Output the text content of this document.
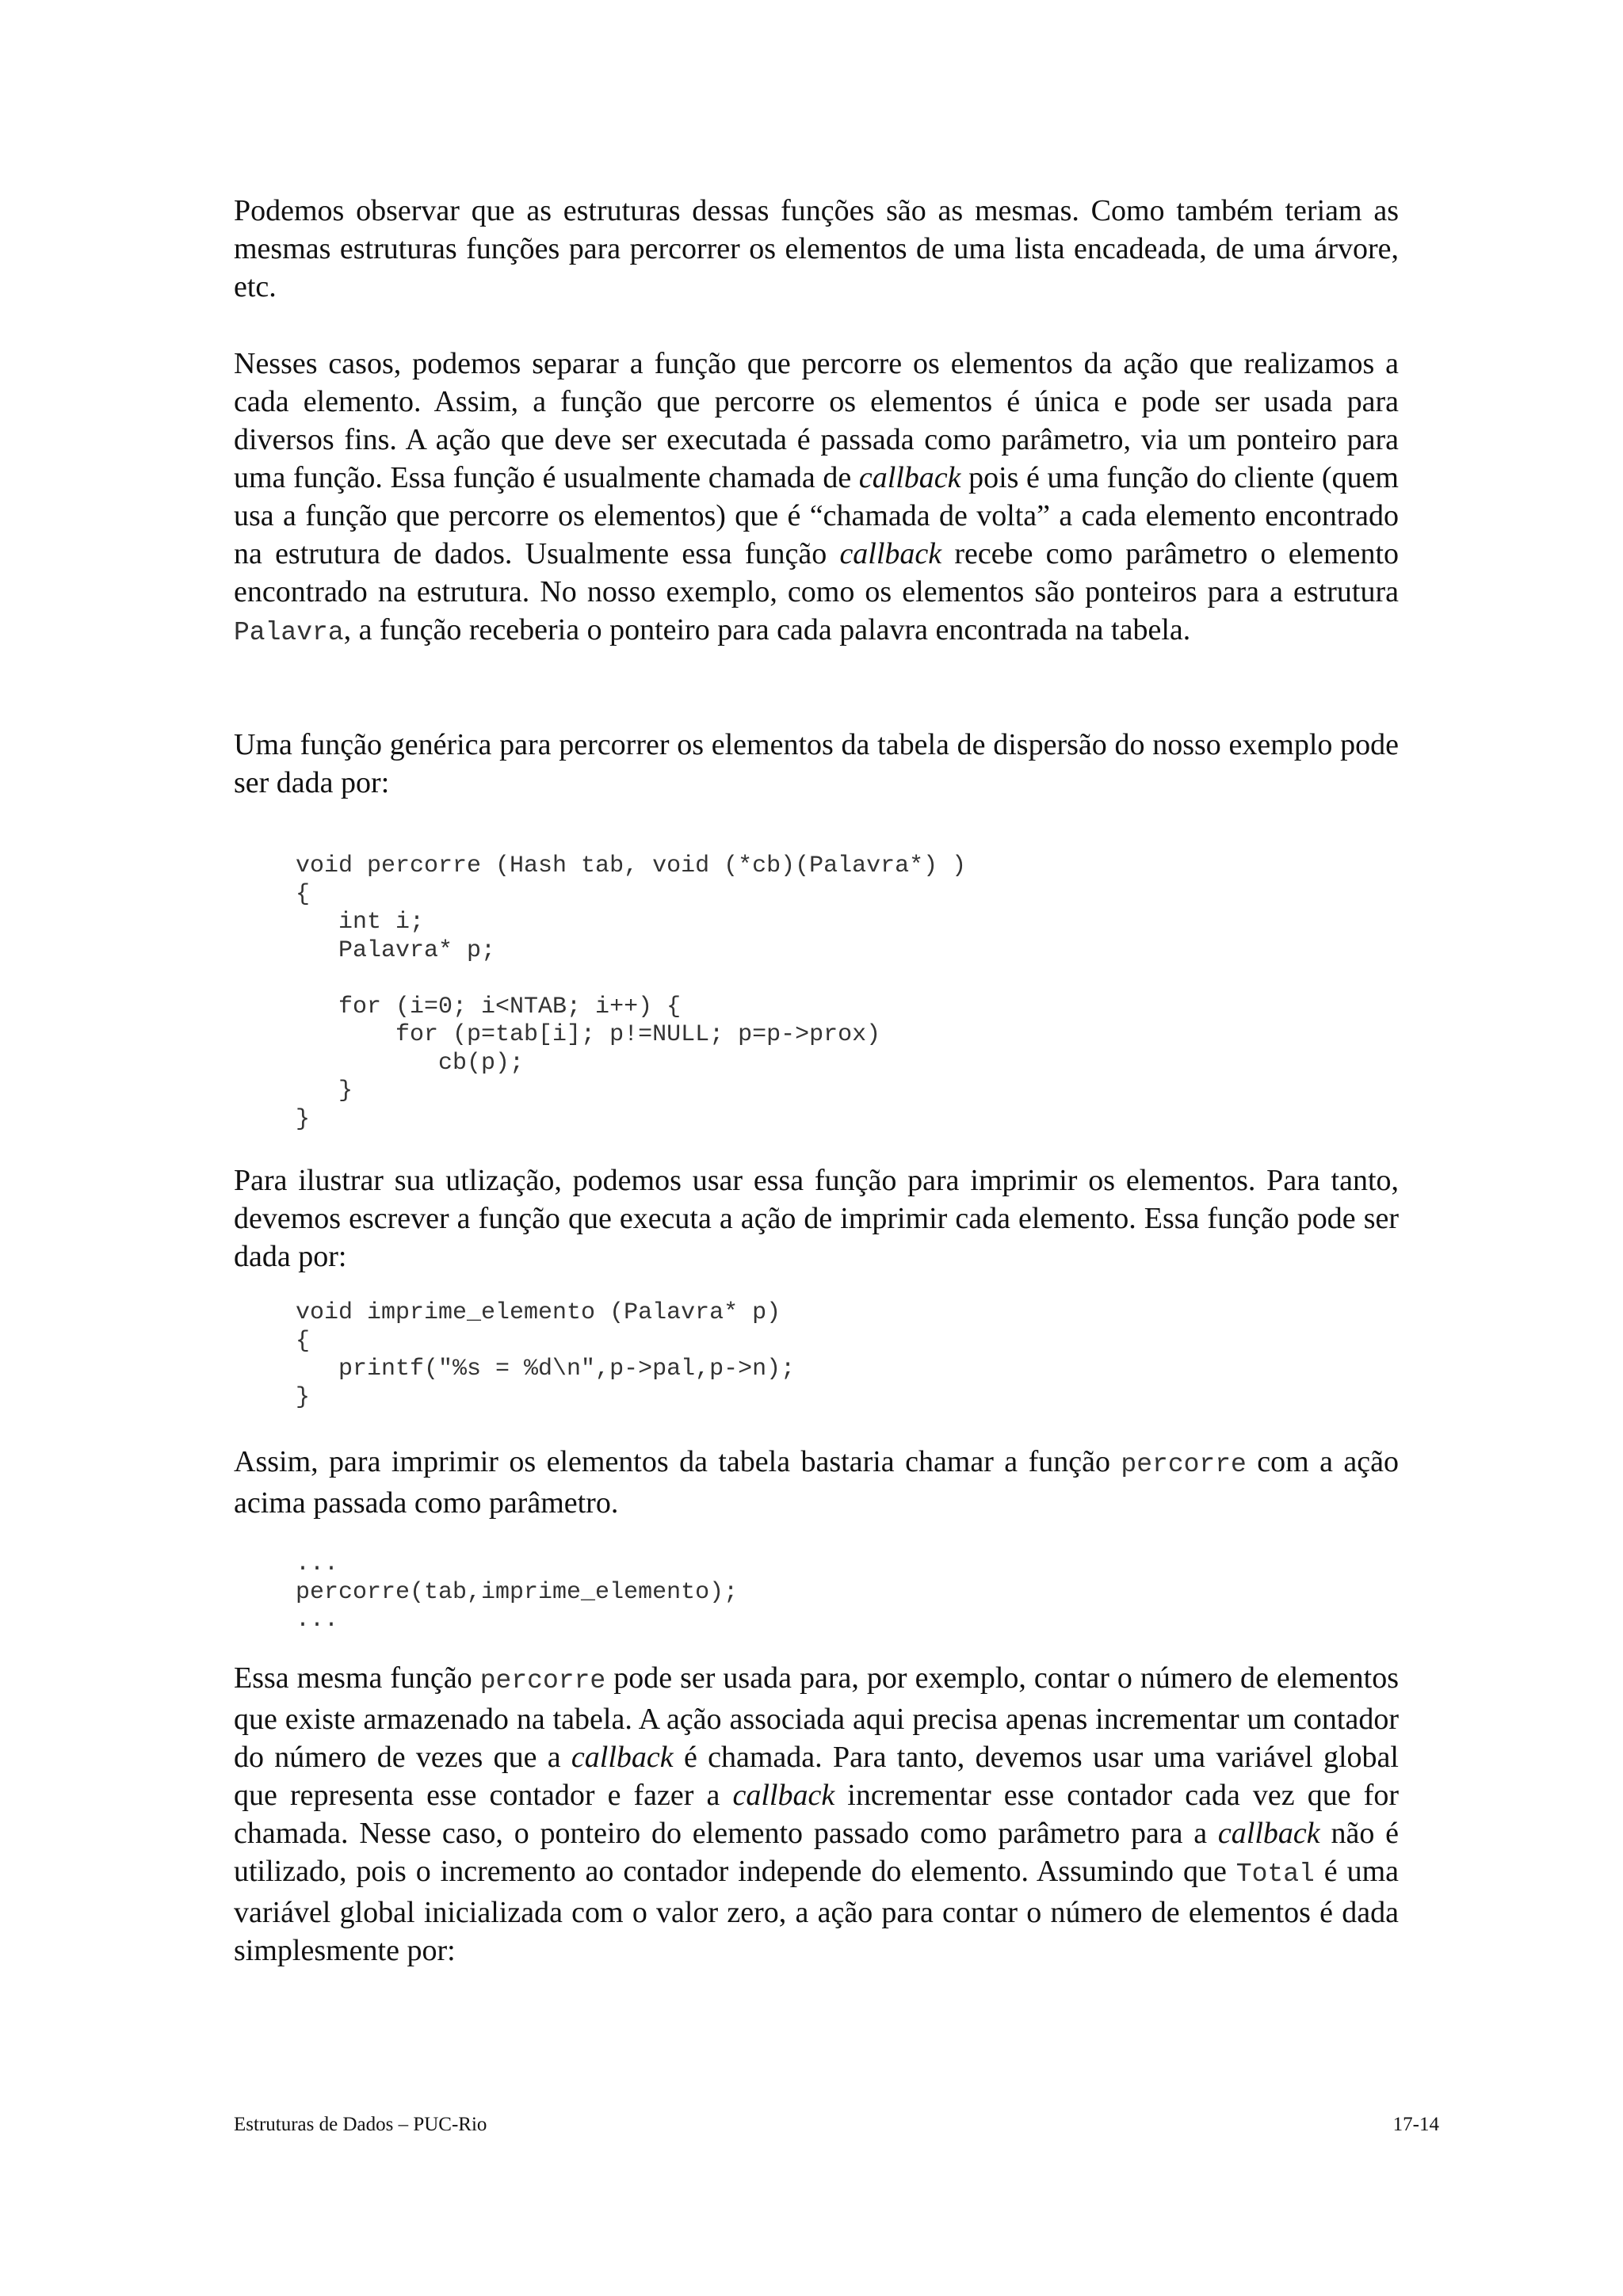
Podemos observar que as estruturas dessas funções são as mesmas. Como também teriam as mesmas estruturas funções para percorrer os elementos de uma lista encadeada, de uma árvore, etc.

Nesses casos, podemos separar a função que percorre os elementos da ação que realizamos a cada elemento. Assim, a função que percorre os elementos é única e pode ser usada para diversos fins. A ação que deve ser executada é passada como parâmetro, via um ponteiro para uma função. Essa função é usualmente chamada de callback pois é uma função do cliente (quem usa a função que percorre os elementos) que é “chamada de volta” a cada elemento encontrado na estrutura de dados. Usualmente essa função callback recebe como parâmetro o elemento encontrado na estrutura. No nosso exemplo, como os elementos são ponteiros para a estrutura Palavra, a função receberia o ponteiro para cada palavra encontrada na tabela.

Uma função genérica para percorrer os elementos da tabela de dispersão do nosso exemplo pode ser dada por:

void percorre (Hash tab, void (*cb)(Palavra*) )
{
int i;
Palavra* p;

for (i=0; i<NTAB; i++) {
for (p=tab[i]; p!=NULL; p=p->prox)
cb(p);
}
}

Para ilustrar sua utlização, podemos usar essa função para imprimir os elementos. Para tanto, devemos escrever a função que executa a ação de imprimir cada elemento. Essa função pode ser dada por:

void imprime_elemento (Palavra* p)
{
printf("%s = %d\n",p->pal,p->n);
}

Assim, para imprimir os elementos da tabela bastaria chamar a função percorre com a ação acima passada como parâmetro.

...
percorre(tab,imprime_elemento);
...

Essa mesma função percorre pode ser usada para, por exemplo, contar o número de elementos que existe armazenado na tabela. A ação associada aqui precisa apenas incrementar um contador do número de vezes que a callback é chamada. Para tanto, devemos usar uma variável global que representa esse contador e fazer a callback incrementar esse contador cada vez que for chamada. Nesse caso, o ponteiro do elemento passado como parâmetro para a callback não é utilizado, pois o incremento ao contador independe do elemento. Assumindo que Total é uma variável global inicializada com o valor zero, a ação para contar o número de elementos é dada simplesmente por:

Estruturas de Dados – PUC-Rio	17-14
